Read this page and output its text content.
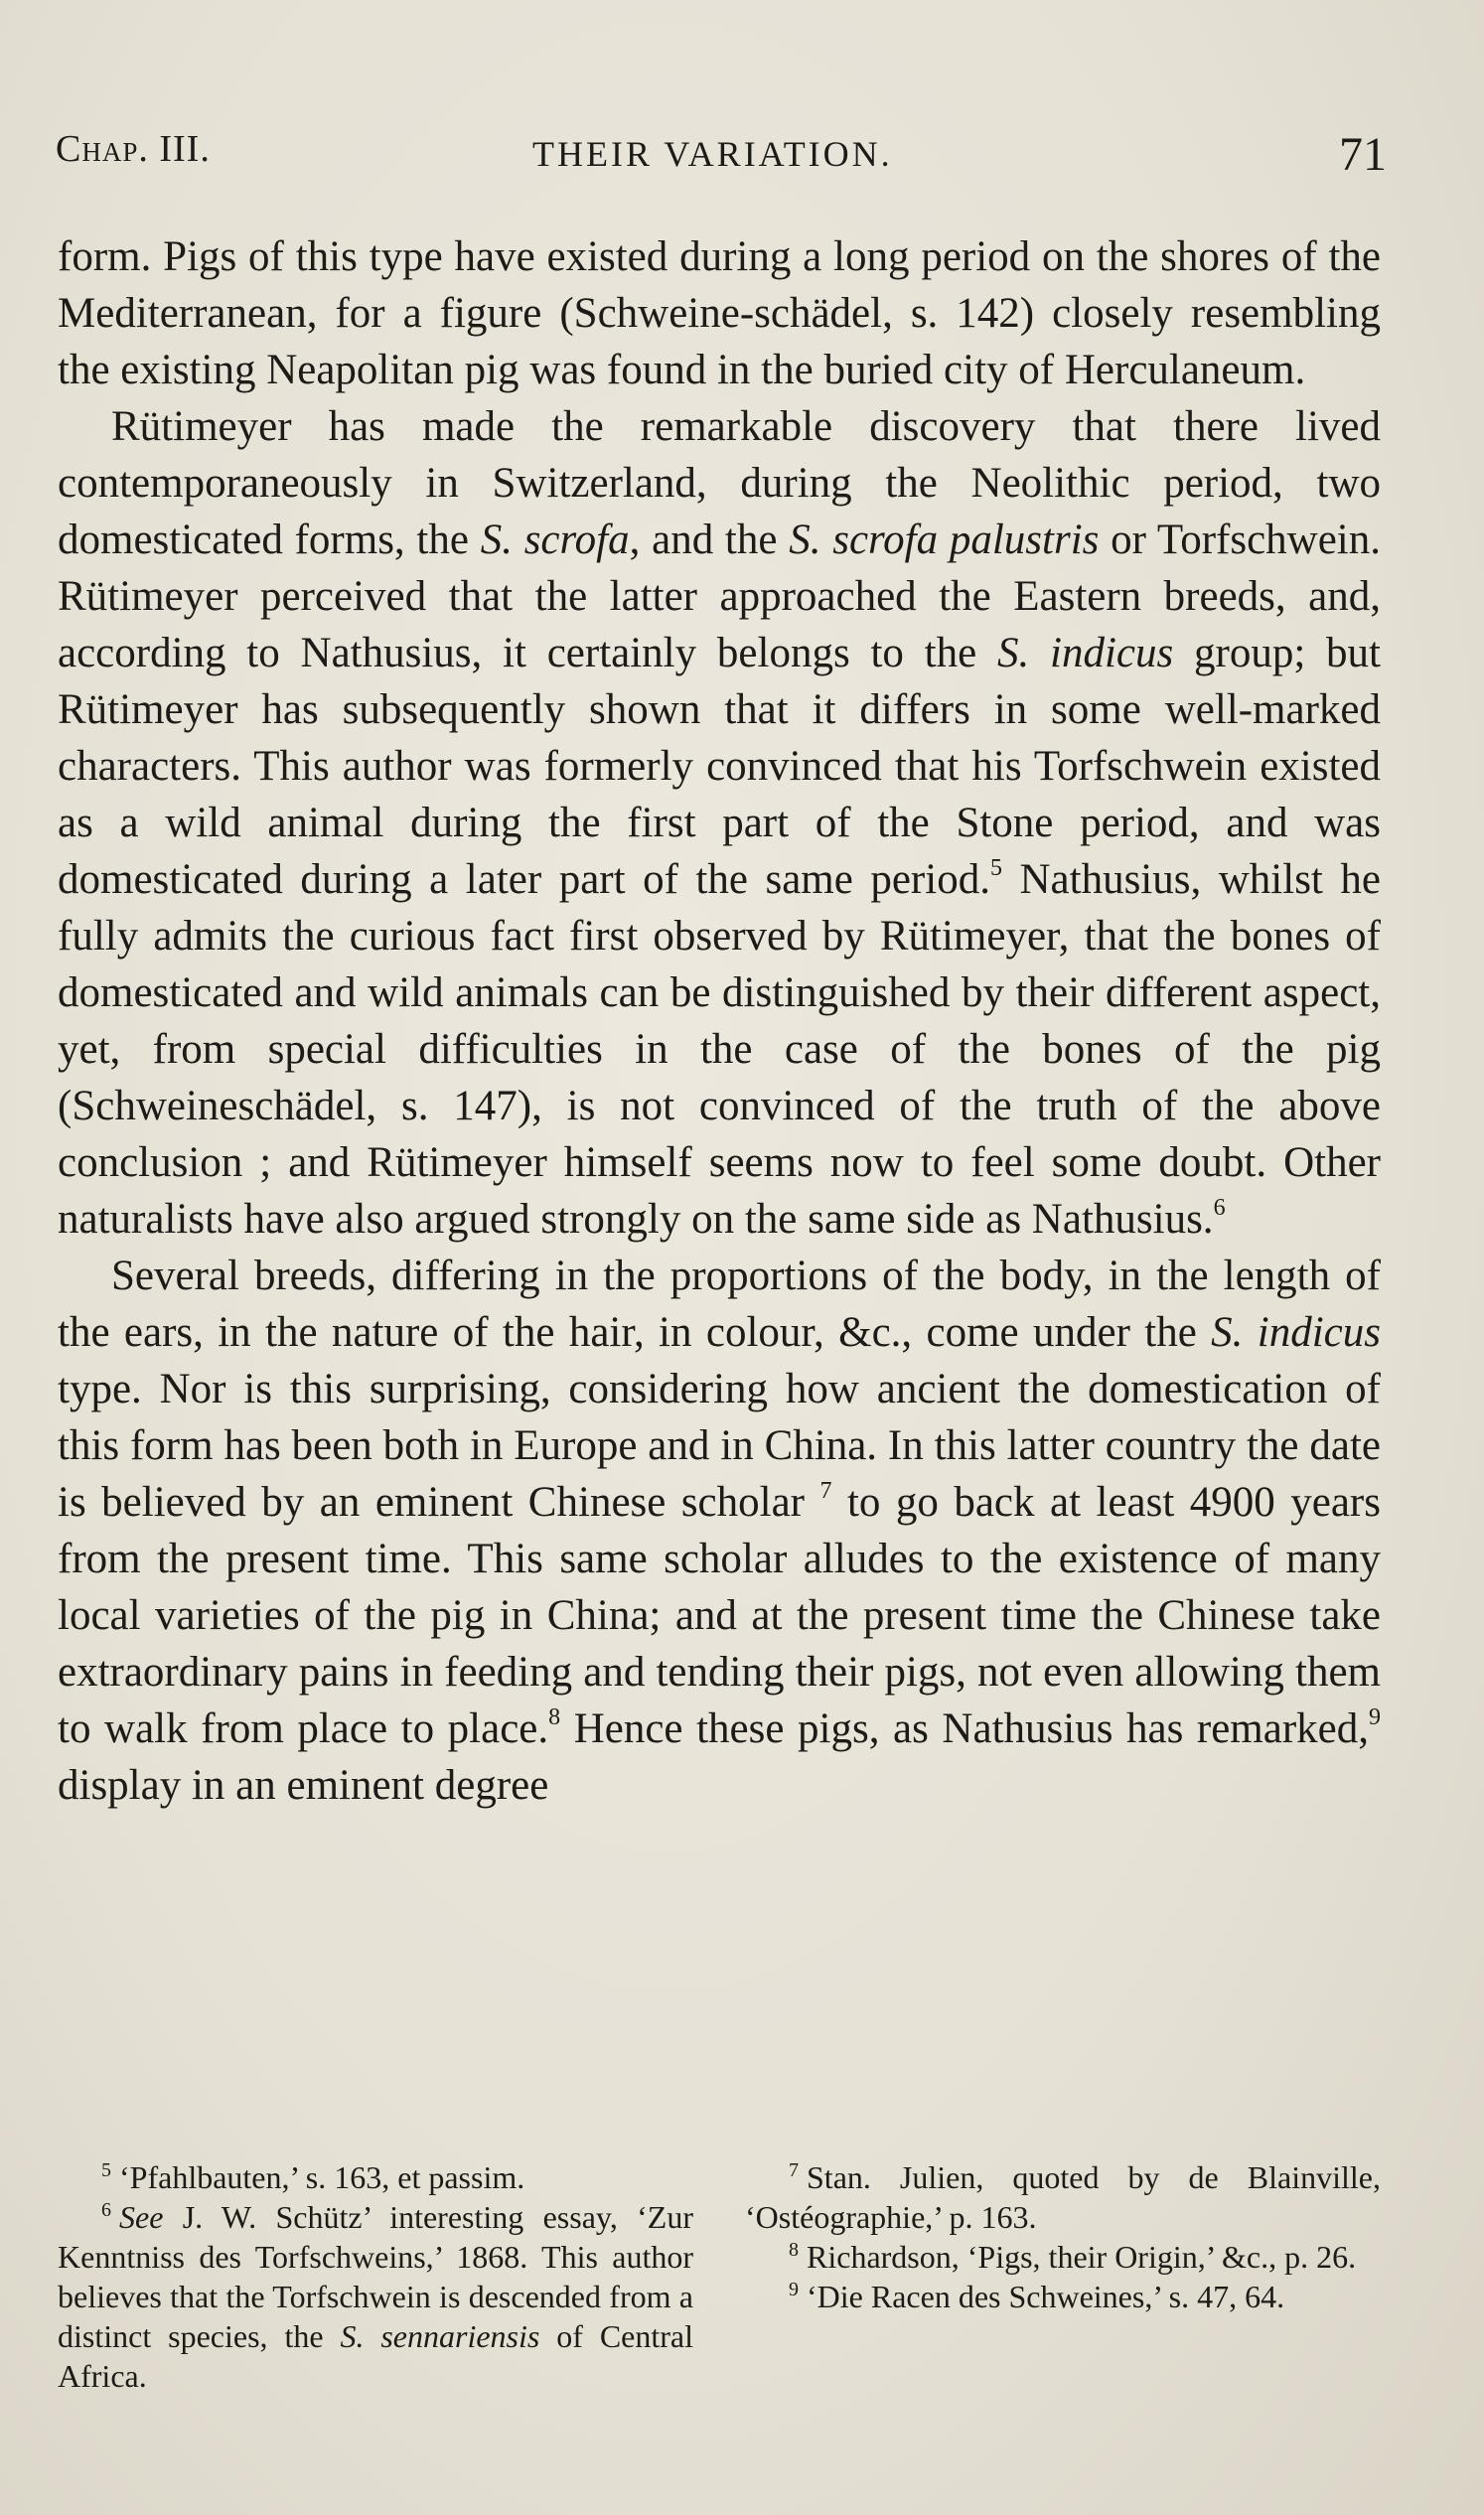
Chap. III.	THEIR VARIATION.	71

form. Pigs of this type have existed during a long period on the shores of the Mediterranean, for a figure (Schweine-schädel, s. 142) closely resembling the existing Neapolitan pig was found in the buried city of Herculaneum.

Rütimeyer has made the remarkable discovery that there lived contemporaneously in Switzerland, during the Neolithic period, two domesticated forms, the S. scrofa, and the S. scrofa palustris or Torfschwein. Rütimeyer perceived that the latter approached the Eastern breeds, and, according to Nathusius, it certainly belongs to the S. indicus group; but Rütimeyer has subsequently shown that it differs in some well-marked characters. This author was formerly convinced that his Torfschwein existed as a wild animal during the first part of the Stone period, and was domesticated during a later part of the same period.$^5$ Nathusius, whilst he fully admits the curious fact first observed by Rütimeyer, that the bones of domesticated and wild animals can be distinguished by their different aspect, yet, from special difficulties in the case of the bones of the pig (Schweineschädel, s. 147), is not convinced of the truth of the above conclusion ; and Rütimeyer himself seems now to feel some doubt. Other naturalists have also argued strongly on the same side as Nathusius.$^6$

Several breeds, differing in the proportions of the body, in the length of the ears, in the nature of the hair, in colour, &c., come under the S. indicus type. Nor is this surprising, considering how ancient the domestication of this form has been both in Europe and in China. In this latter country the date is believed by an eminent Chinese scholar $^7$ to go back at least 4900 years from the present time. This same scholar alludes to the existence of many local varieties of the pig in China; and at the present time the Chinese take extraordinary pains in feeding and tending their pigs, not even allowing them to walk from place to place.$^8$ Hence these pigs, as Nathusius has remarked,$^9$ display in an eminent degree

$^5$ ‘Pfahlbauten,’ s. 163, et passim.

$^6$ See J. W. Schütz’ interesting essay, ‘Zur Kenntniss des Torfschweins,’ 1868. This author believes that the Torfschwein is descended from a distinct species, the S. sennariensis of Central Africa.

$^7$ Stan. Julien, quoted by de Blainville, ‘Ostéographie,’ p. 163.

$^8$ Richardson, ‘Pigs, their Origin,’ &c., p. 26.

$^9$ ‘Die Racen des Schweines,’ s. 47, 64.
